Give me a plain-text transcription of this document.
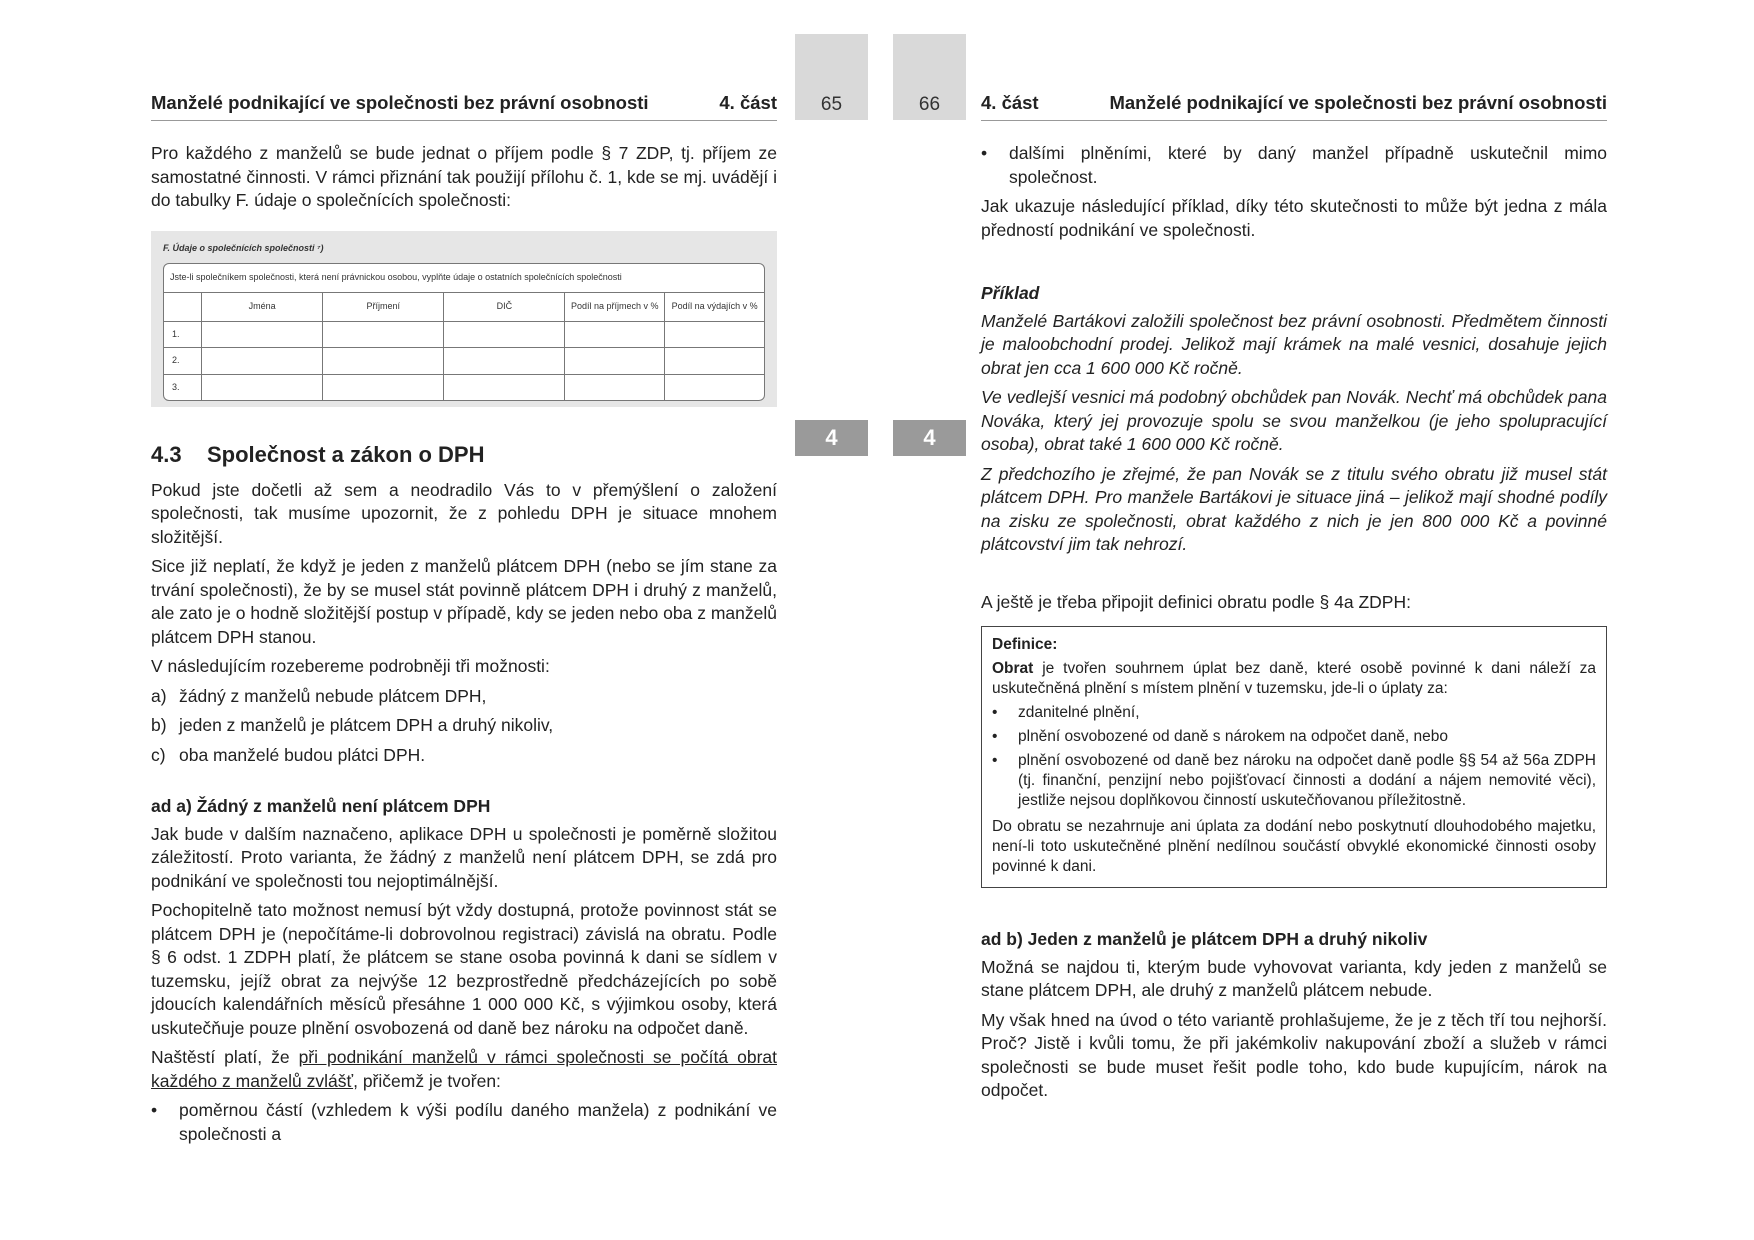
65	66
4	4
Manželé podnikající ve společnosti bez právní osobnosti	4. část

Pro každého z manželů se bude jednat o příjem podle § 7 ZDP, tj. příjem ze samostatné činnosti. V rámci přiznání tak použijí přílohu č. 1, kde se mj. uvádějí i do tabulky F. údaje o společnících společnosti:

F. Údaje o společnících společnosti ⁷)
Jste-li společníkem společnosti, která není právnickou osobou, vyplňte údaje o ostatních společnících společnosti
	Jména	Příjmení	DIČ	Podíl na příjmech v %	Podíl na výdajích v %
1.					
2.					
3.					
4.3 Společnost a zákon o DPH

Pokud jste dočetli až sem a neodradilo Vás to v přemýšlení o založení společnosti, tak musíme upozornit, že z pohledu DPH je situace mnohem složitější.

Sice již neplatí, že když je jeden z manželů plátcem DPH (nebo se jím stane za trvání společnosti), že by se musel stát povinně plátcem DPH i druhý z manželů, ale zato je o hodně složitější postup v případě, kdy se jeden nebo oba z manželů plátcem DPH stanou.

V následujícím rozebereme podrobněji tři možnosti:

a) žádný z manželů nebude plátcem DPH,
b) jeden z manželů je plátcem DPH a druhý nikoliv,
c) oba manželé budou plátci DPH.
ad a) Žádný z manželů není plátcem DPH

Jak bude v dalším naznačeno, aplikace DPH u společnosti je poměrně složitou záležitostí. Proto varianta, že žádný z manželů není plátcem DPH, se zdá pro podnikání ve společnosti tou nejoptimálnější.

Pochopitelně tato možnost nemusí být vždy dostupná, protože povinnost stát se plátcem DPH je (nepočítáme-li dobrovolnou registraci) závislá na obratu. Podle § 6 odst. 1 ZDPH platí, že plátcem se stane osoba povinná k dani se sídlem v tuzemsku, jejíž obrat za nejvýše 12 bezprostředně předcházejících po sobě jdoucích kalendářních měsíců přesáhne 1 000 000 Kč, s výjimkou osoby, která uskutečňuje pouze plnění osvobozená od daně bez nároku na odpočet daně.

Naštěstí platí, že při podnikání manželů v rámci společnosti se počítá obrat každého z manželů zvlášť, přičemž je tvořen:

• poměrnou částí (vzhledem k výši podílu daného manžela) z podnikání ve společnosti a
4. část	Manželé podnikající ve společnosti bez právní osobnosti
• dalšími plněními, které by daný manžel případně uskutečnil mimo společnost.

Jak ukazuje následující příklad, díky této skutečnosti to může být jedna z mála předností podnikání ve společnosti.

Příklad

Manželé Bartákovi založili společnost bez právní osobnosti. Předmětem činnosti je maloobchodní prodej. Jelikož mají krámek na malé vesnici, dosahuje jejich obrat jen cca 1 600 000 Kč ročně.

Ve vedlejší vesnici má podobný obchůdek pan Novák. Nechť má obchůdek pana Nováka, který jej provozuje spolu se svou manželkou (je jeho spolupracující osoba), obrat také 1 600 000 Kč ročně.

Z předchozího je zřejmé, že pan Novák se z titulu svého obratu již musel stát plátcem DPH. Pro manžele Bartákovi je situace jiná – jelikož mají shodné podíly na zisku ze společnosti, obrat každého z nich je jen 800 000 Kč a povinné plátcovství jim tak nehrozí.

A ještě je třeba připojit definici obratu podle § 4a ZDPH:

Definice:

Obrat je tvořen souhrnem úplat bez daně, které osobě povinné k dani náleží za uskutečněná plnění s místem plnění v tuzemsku, jde-li o úplaty za:

• zdanitelné plnění,
• plnění osvobozené od daně s nárokem na odpočet daně, nebo
• plnění osvobozené od daně bez nároku na odpočet daně podle §§ 54 až 56a ZDPH (tj. finanční, penzijní nebo pojišťovací činnosti a dodání a nájem nemovité věci), jestliže nejsou doplňkovou činností uskutečňovanou příležitostně.

Do obratu se nezahrnuje ani úplata za dodání nebo poskytnutí dlouhodobého majetku, není-li toto uskutečněné plnění nedílnou součástí obvyklé ekonomické činnosti osoby povinné k dani.

ad b) Jeden z manželů je plátcem DPH a druhý nikoliv

Možná se najdou ti, kterým bude vyhovovat varianta, kdy jeden z manželů se stane plátcem DPH, ale druhý z manželů plátcem nebude.

My však hned na úvod o této variantě prohlašujeme, že je z těch tří tou nejhorší. Proč? Jistě i kvůli tomu, že při jakémkoliv nakupování zboží a služeb v rámci společnosti se bude muset řešit podle toho, kdo bude kupujícím, nárok na odpočet.
